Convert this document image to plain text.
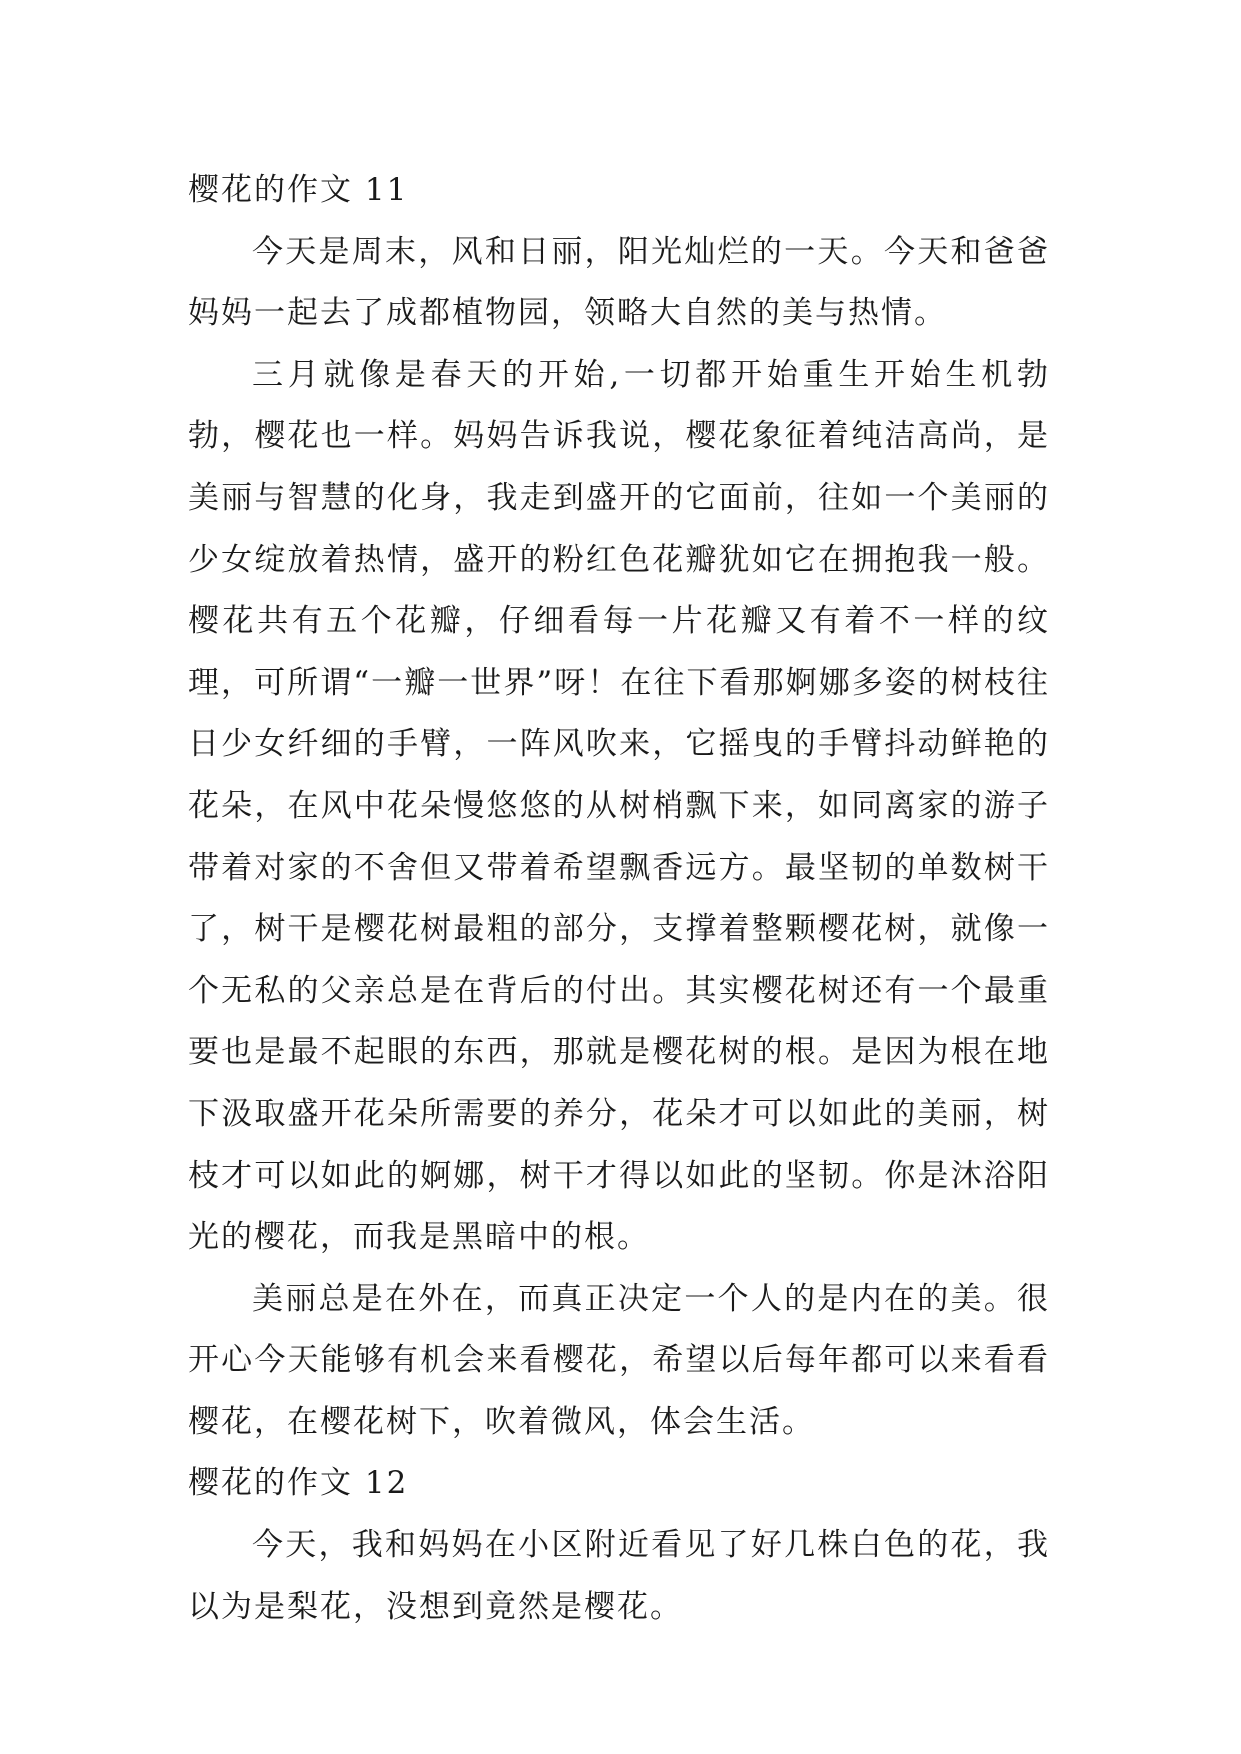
樱花的作文 11

今天是周末，风和日丽，阳光灿烂的一天。今天和爸爸妈妈一起去了成都植物园，领略大自然的美与热情。

三月就像是春天的开始,一切都开始重生开始生机勃勃，樱花也一样。妈妈告诉我说，樱花象征着纯洁高尚，是美丽与智慧的化身，我走到盛开的它面前，往如一个美丽的少女绽放着热情，盛开的粉红色花瓣犹如它在拥抱我一般。樱花共有五个花瓣，仔细看每一片花瓣又有着不一样的纹理，可所谓“一瓣一世界”呀！在往下看那婀娜多姿的树枝往日少女纤细的手臂，一阵风吹来，它摇曳的手臂抖动鲜艳的花朵，在风中花朵慢悠悠的从树梢飘下来，如同离家的游子带着对家的不舍但又带着希望飘香远方。最坚韧的单数树干了，树干是樱花树最粗的部分，支撑着整颗樱花树，就像一个无私的父亲总是在背后的付出。其实樱花树还有一个最重要也是最不起眼的东西，那就是樱花树的根。是因为根在地下汲取盛开花朵所需要的养分，花朵才可以如此的美丽，树枝才可以如此的婀娜，树干才得以如此的坚韧。你是沐浴阳光的樱花，而我是黑暗中的根。

美丽总是在外在，而真正决定一个人的是内在的美。很开心今天能够有机会来看樱花，希望以后每年都可以来看看樱花，在樱花树下，吹着微风，体会生活。

樱花的作文 12

今天，我和妈妈在小区附近看见了好几株白色的花，我以为是梨花，没想到竟然是樱花。
